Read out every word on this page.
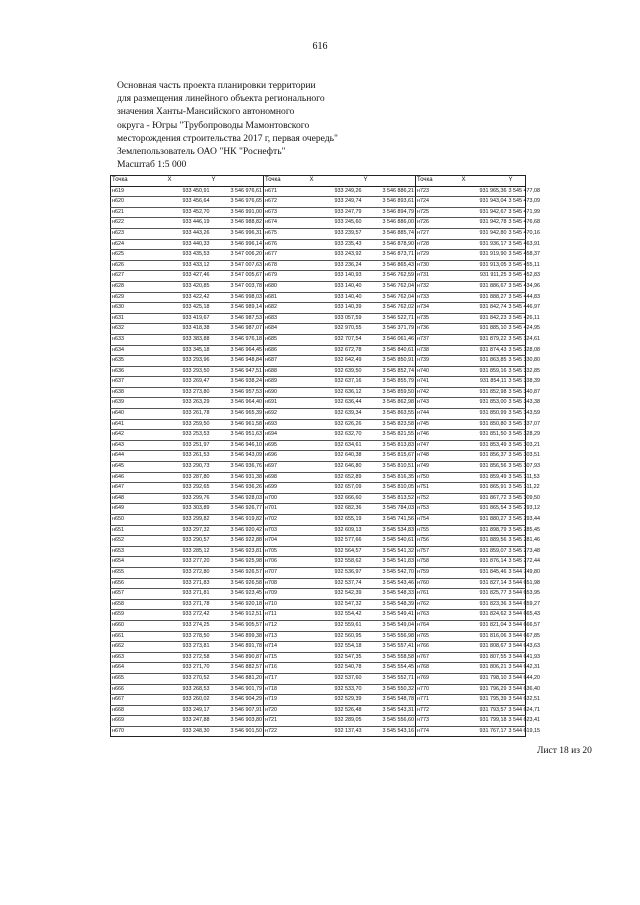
616
Основная часть проекта планировки территории
для размещения линейного объекта регионального
значения Ханты-Мансийского автономного
округа - Югры "Трубопроводы Мамонтовского
месторождения строительства 2017 г, первая очередь"
Землепользователь ОАО "НК "Роснефть"
Масштаб 1:5 000
Точка	X	Y	Точка	X	Y	Точка	X	Y
н619	933 450,91	3 546 976,61	н671	933 249,26	3 546 886,21	н723	931 965,36	3 545 477,08
н620	933 456,64	3 546 976,65	н672	933 249,74	3 546 893,61	н724	931 943,04	3 545 473,09
н621	933 452,70	3 546 991,00	н673	933 247,79	3 546 894,79	н725	931 942,67	3 545 471,99
н622	933 446,19	3 546 988,82	н674	933 245,60	3 546 886,00	н726	931 942,78	3 545 476,68
н623	933 443,26	3 546 996,31	н675	933 239,57	3 546 885,74	н727	931 942,80	3 545 470,16
н624	933 440,33	3 546 996,14	н676	933 235,43	3 546 878,90	н728	931 936,17	3 545 463,91
н625	933 435,53	3 547 006,20	н677	933 243,92	3 546 873,71	н729	931 919,90	3 545 458,37
н626	933 433,12	3 547 007,63	н678	933 236,24	3 546 865,43	н730	931 913,05	3 545 455,11
н627	933 427,46	3 547 005,67	н679	933 140,93	3 546 762,59	н731	931 911,25	3 545 452,83
н628	933 420,85	3 547 003,78	н680	933 140,40	3 546 762,04	н732	931 886,67	3 545 434,96
н629	933 422,42	3 546 998,03	н681	933 140,40	3 546 762,04	н733	931 888,27	3 545 444,83
н630	933 425,18	3 546 989,14	н682	933 140,39	3 546 762,02	н734	931 842,74	3 545 446,97
н631	933 419,67	3 546 987,53	н683	933 057,59	3 546 522,71	н735	931 842,23	3 545 426,11
н632	933 418,38	3 546 987,07	н684	932 970,55	3 546 371,79	н736	931 885,10	3 545 424,95
н633	933 383,88	3 546 976,18	н685	932 707,54	3 546 061,46	н737	931 879,22	3 545 324,61
н634	933 345,18	3 546 964,45	н686	932 672,78	3 545 840,61	н738	931 874,43	3 545 328,08
н635	933 293,96	3 546 948,84	н687	932 642,49	3 545 850,91	н739	931 863,85	3 545 330,80
н636	933 293,50	3 546 947,51	н688	932 639,50	3 545 852,74	н740	931 859,16	3 545 332,85
н637	933 269,47	3 546 938,24	н689	932 637,16	3 545 855,79	н741	931 854,11	3 545 338,39
н638	933 273,80	3 546 957,53	н690	932 636,12	3 545 859,50	н742	931 852,98	3 545 340,87
н639	933 263,29	3 546 964,40	н691	932 636,44	3 545 862,98	н743	931 853,00	3 545 343,38
н640	933 261,78	3 546 965,39	н692	932 639,34	3 545 863,55	н744	931 850,99	3 545 343,59
н641	933 259,50	3 546 961,58	н693	932 626,26	3 545 823,58	н745	931 850,80	3 545 337,07
н642	933 253,53	3 546 951,63	н694	932 632,70	3 545 821,55	н746	931 851,50	3 545 328,29
н643	933 251,97	3 546 946,10	н695	932 634,61	3 545 813,83	н747	931 853,49	3 545 303,21
н644	933 261,53	3 546 943,09	н696	932 640,38	3 545 815,67	н748	931 856,37	3 545 303,51
н645	933 290,73	3 546 936,76	н697	932 646,80	3 545 810,51	н749	931 856,56	3 545 307,93
н646	933 287,80	3 546 931,38	н698	932 652,89	3 545 816,35	н750	931 859,49	3 545 311,53
н647	933 292,65	3 546 936,26	н699	932 657,09	3 545 810,05	н751	931 865,91	3 545 311,22
н648	933 299,76	3 546 928,03	н700	932 666,60	3 545 813,52	н752	931 867,72	3 545 309,50
н649	933 303,89	3 546 926,77	н701	932 682,36	3 545 784,03	н753	931 865,54	3 545 293,12
н650	933 299,82	3 546 919,82	н702	932 655,19	3 545 741,56	н754	931 880,27	3 545 293,44
н651	933 297,32	3 546 920,42	н703	932 609,13	3 545 534,83	н755	931 898,79	3 545 285,45
н652	933 290,57	3 546 922,88	н704	932 577,66	3 545 540,61	н756	931 889,56	3 545 281,46
н653	933 285,12	3 546 923,81	н705	932 564,57	3 545 541,32	н757	931 859,07	3 545 273,48
н654	933 277,20	3 546 925,98	н706	932 558,62	3 545 541,83	н758	931 876,14	3 545 272,44
н655	933 272,80	3 546 926,57	н707	932 536,97	3 545 542,70	н759	931 845,46	3 544 749,80
н656	933 271,83	3 546 926,58	н708	932 537,74	3 545 543,46	н760	931 827,14	3 544 651,98
н657	933 271,81	3 546 923,45	н709	932 542,39	3 545 548,33	н761	931 825,77	3 544 653,95
н658	933 271,78	3 546 920,18	н710	932 547,32	3 545 548,39	н762	931 823,36	3 544 659,27
н659	933 272,42	3 546 912,51	н711	932 554,42	3 545 549,41	н763	931 824,62	3 544 665,43
н660	933 274,25	3 546 905,57	н712	932 559,61	3 545 549,04	н764	931 821,04	3 544 666,57
н661	933 278,50	3 546 899,38	н713	932 560,95	3 545 556,98	н765	931 816,06	3 544 667,85
н662	933 273,81	3 546 891,78	н714	932 554,18	3 545 557,41	н766	931 808,67	3 544 643,63
н663	933 272,58	3 546 890,87	н715	932 547,35	3 545 558,58	н767	931 807,55	3 544 641,93
н664	933 271,70	3 546 882,57	н716	932 540,78	3 545 554,45	н768	931 806,21	3 544 642,31
н665	933 270,52	3 546 881,20	н717	932 537,60	3 545 552,71	н769	931 798,10	3 544 644,20
н666	933 268,53	3 546 901,79	н718	932 533,70	3 545 550,32	н770	931 796,29	3 544 636,40
н667	933 260,02	3 546 904,29	н719	932 529,39	3 545 548,78	н771	931 795,39	3 544 632,51
н668	933 249,17	3 546 907,91	н720	932 526,48	3 545 543,31	н772	931 793,57	3 544 624,71
н669	933 247,88	3 546 903,80	н721	932 289,05	3 545 556,60	н773	931 799,18	3 544 623,41
н670	933 248,30	3 546 901,50	н722	932 137,43	3 545 543,16	н774	931 767,17	3 544 619,15
Лист 18 из 20
